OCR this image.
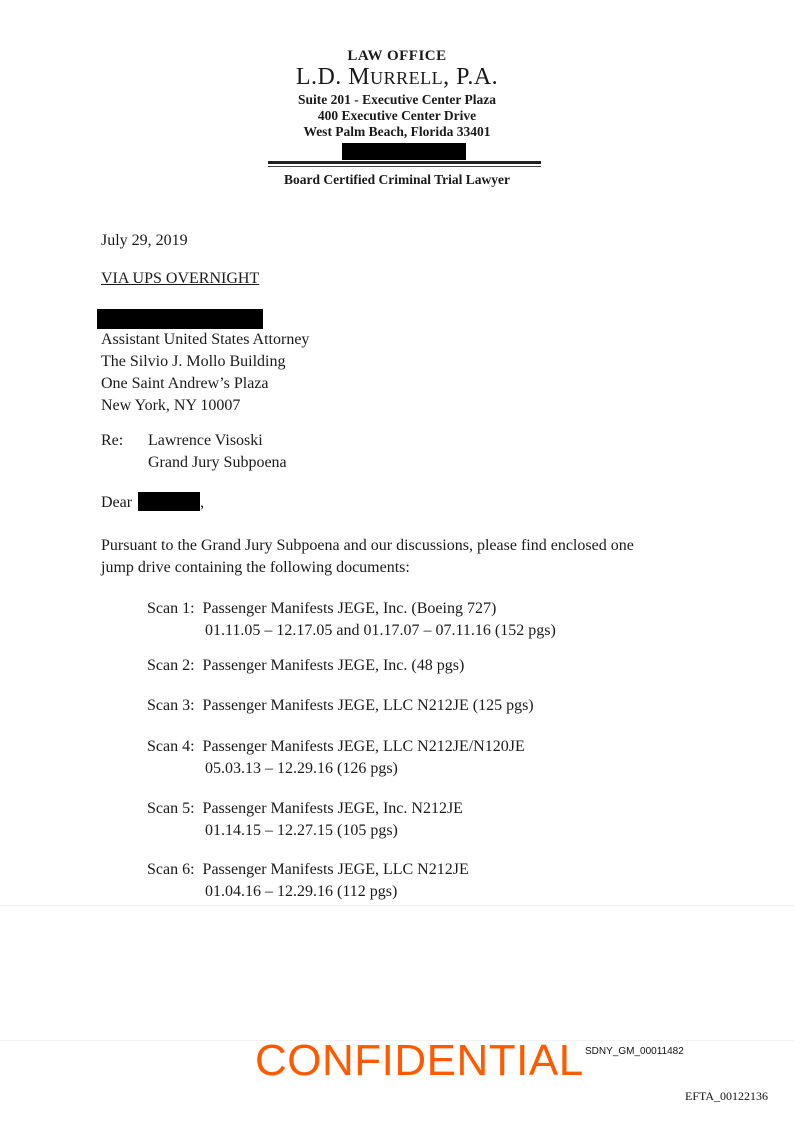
LAW OFFICE
L.D. MURRELL, P.A.
Suite 201 - Executive Center Plaza
400 Executive Center Drive
West Palm Beach, Florida 33401
Board Certified Criminal Trial Lawyer
July 29, 2019
VIA UPS OVERNIGHT
Assistant United States Attorney
The Silvio J. Mollo Building
One Saint Andrew’s Plaza
New York, NY 10007
Re: Lawrence Visoski
Grand Jury Subpoena
Dear	,
Pursuant to the Grand Jury Subpoena and our discussions, please find enclosed one
jump drive containing the following documents:
Scan 1: Passenger Manifests JEGE, Inc. (Boeing 727)
01.11.05 – 12.17.05 and 01.17.07 – 07.11.16 (152 pgs)
Scan 2: Passenger Manifests JEGE, Inc. (48 pgs)
Scan 3: Passenger Manifests JEGE, LLC N212JE (125 pgs)
Scan 4: Passenger Manifests JEGE, LLC N212JE/N120JE
05.03.13 – 12.29.16 (126 pgs)
Scan 5: Passenger Manifests JEGE, Inc. N212JE
01.14.15 – 12.27.15 (105 pgs)
Scan 6: Passenger Manifests JEGE, LLC N212JE
01.04.16 – 12.29.16 (112 pgs)
CONFIDENTIAL SDNY_GM_00011482
EFTA_00122136
